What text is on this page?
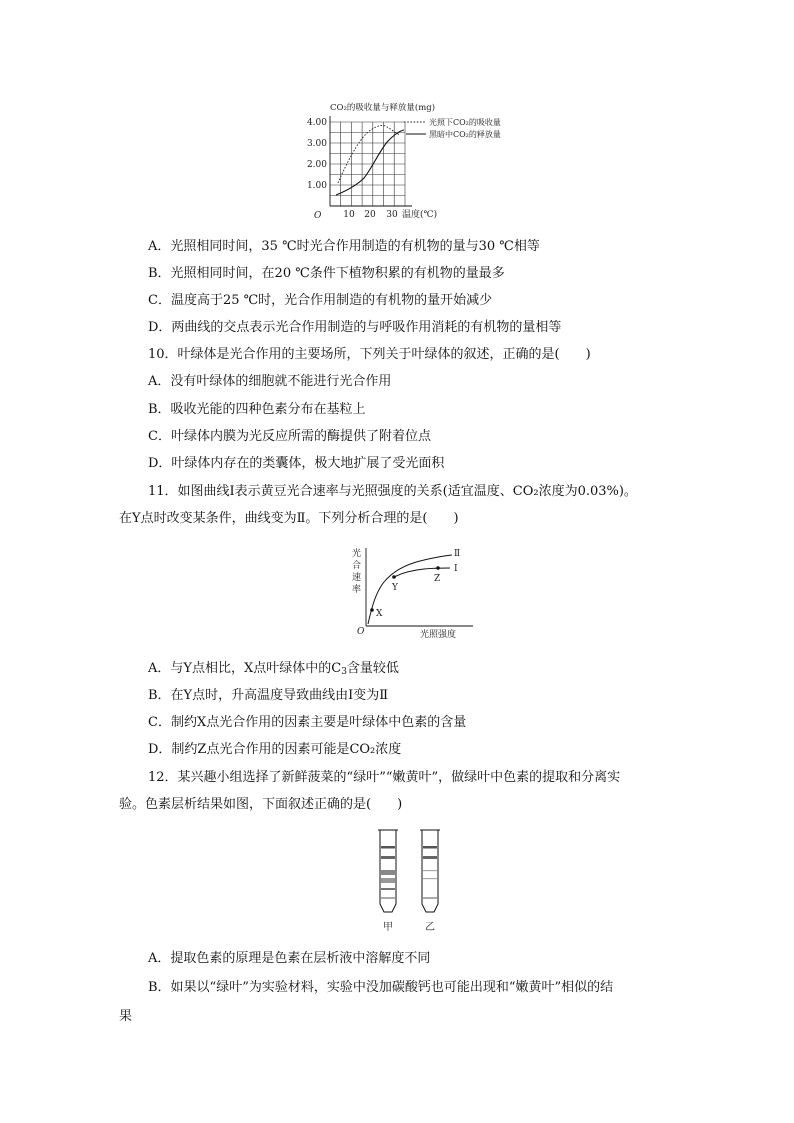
CO₂的吸收量与释放量(mg)
4.00
3.00
2.00
1.00
O 10 20 30 温度(℃)
光照下CO₂的吸收量
黑暗中CO₂的释放量
A．光照相同时间，35 ℃时光合作用制造的有机物的量与30 ℃相等
B．光照相同时间，在20 ℃条件下植物积累的有机物的量最多
C．温度高于25 ℃时，光合作用制造的有机物的量开始减少
D．两曲线的交点表示光合作用制造的与呼吸作用消耗的有机物的量相等
10．叶绿体是光合作用的主要场所，下列关于叶绿体的叙述，正确的是(　　)
A．没有叶绿体的细胞就不能进行光合作用
B．吸收光能的四种色素分布在基粒上
C．叶绿体内膜为光反应所需的酶提供了附着位点
D．叶绿体内存在的类囊体，极大地扩展了受光面积
11．如图曲线Ⅰ表示黄豆光合速率与光照强度的关系(适宜温度、CO₂浓度为0.03%)。
在Y点时改变某条件，曲线变为Ⅱ。下列分析合理的是(　　)
光
合
速
率
O	光照强度
X
Y
Z
Ⅱ
Ⅰ
A．与Y点相比，X点叶绿体中的$C_3$含量较低
B．在Y点时，升高温度导致曲线由Ⅰ变为Ⅱ
C．制约X点光合作用的因素主要是叶绿体中色素的含量
D．制约Z点光合作用的因素可能是CO₂浓度
12．某兴趣小组选择了新鲜菠菜的“绿叶”“嫩黄叶”，做绿叶中色素的提取和分离实
验。色素层析结果如图，下面叙述正确的是(　　)
甲	乙
A．提取色素的原理是色素在层析液中溶解度不同
B．如果以“绿叶”为实验材料，实验中没加碳酸钙也可能出现和“嫩黄叶”相似的结
果
